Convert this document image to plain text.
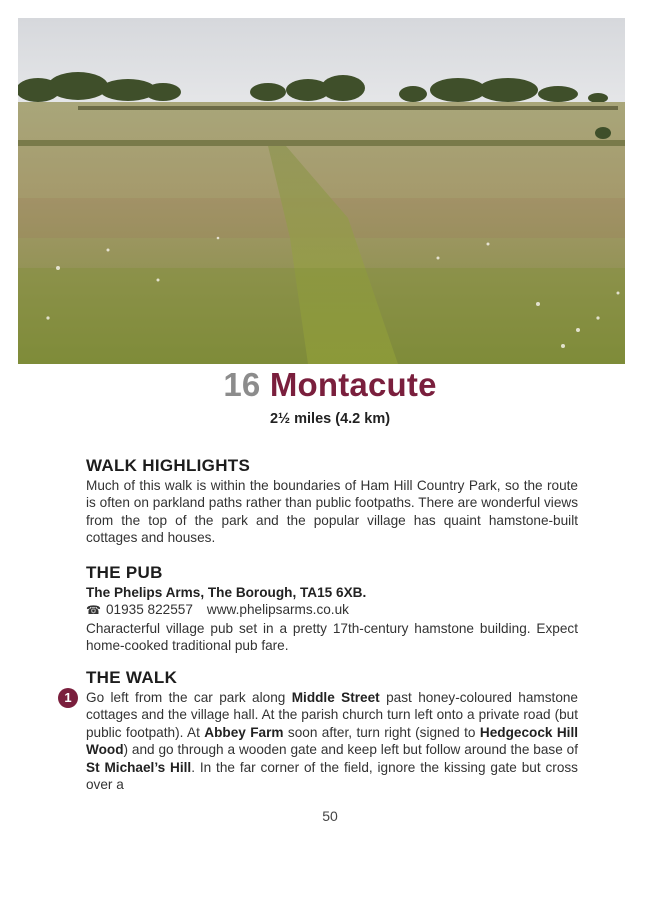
16 Montacute
2½ miles (4.2 km)
WALK HIGHLIGHTS

Much of this walk is within the boundaries of Ham Hill Country Park, so the route is often on parkland paths rather than public footpaths. There are wonderful views from the top of the park and the popular village has quaint hamstone-built cottages and houses.

THE PUB
The Phelips Arms, The Borough, TA15 6XB.
☎ 01935 822557 www.phelipsarms.co.uk

Characterful village pub set in a pretty 17th-century hamstone building. Expect home-cooked traditional pub fare.

1
THE WALK

Go left from the car park along Middle Street past honey-coloured hamstone cottages and the village hall. At the parish church turn left onto a private road (but public footpath). At Abbey Farm soon after, turn right (signed to Hedgecock Hill Wood) and go through a wooden gate and keep left but follow around the base of St Michael’s Hill. In the far corner of the field, ignore the kissing gate but cross over a

50
